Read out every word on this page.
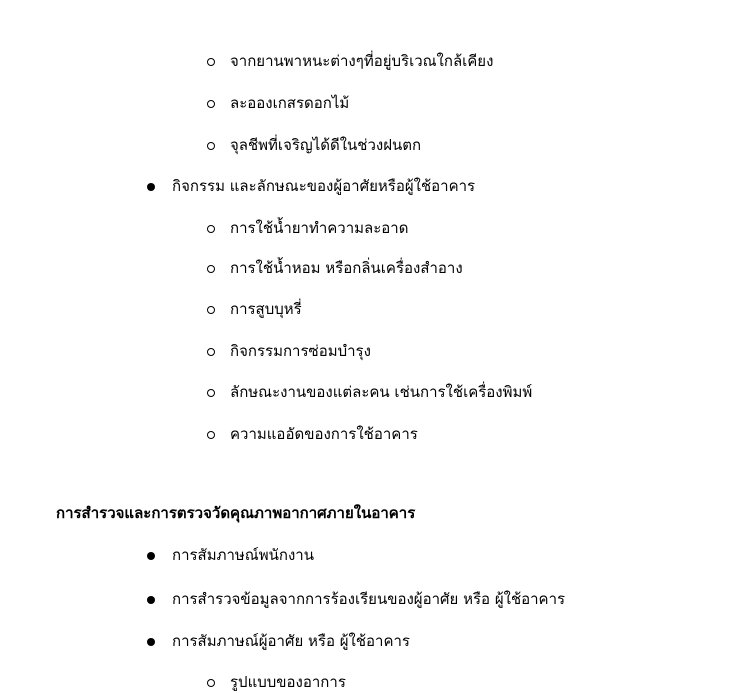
จากยานพาหนะต่างๆที่อยู่บริเวณใกล้เคียง
ละอองเกสรดอกไม้
จุลชีพที่เจริญได้ดีในช่วงฝนตก
กิจกรรม และลักษณะของผู้อาศัยหรือผู้ใช้อาคาร
การใช้น้ำยาทำความละอาด
การใช้น้ำหอม หรือกลิ่นเครื่องสำอาง
การสูบบุหรี่
กิจกรรมการซ่อมบำรุง
ลักษณะงานของแต่ละคน เช่นการใช้เครื่องพิมพ์
ความแออัดของการใช้อาคาร
การสำรวจและการตรวจวัดคุณภาพอากาศภายในอาคาร
การสัมภาษณ์พนักงาน
การสำรวจข้อมูลจากการร้องเรียนของผู้อาศัย หรือ ผู้ใช้อาคาร
การสัมภาษณ์ผู้อาศัย หรือ ผู้ใช้อาคาร
รูปแบบของอาการ
